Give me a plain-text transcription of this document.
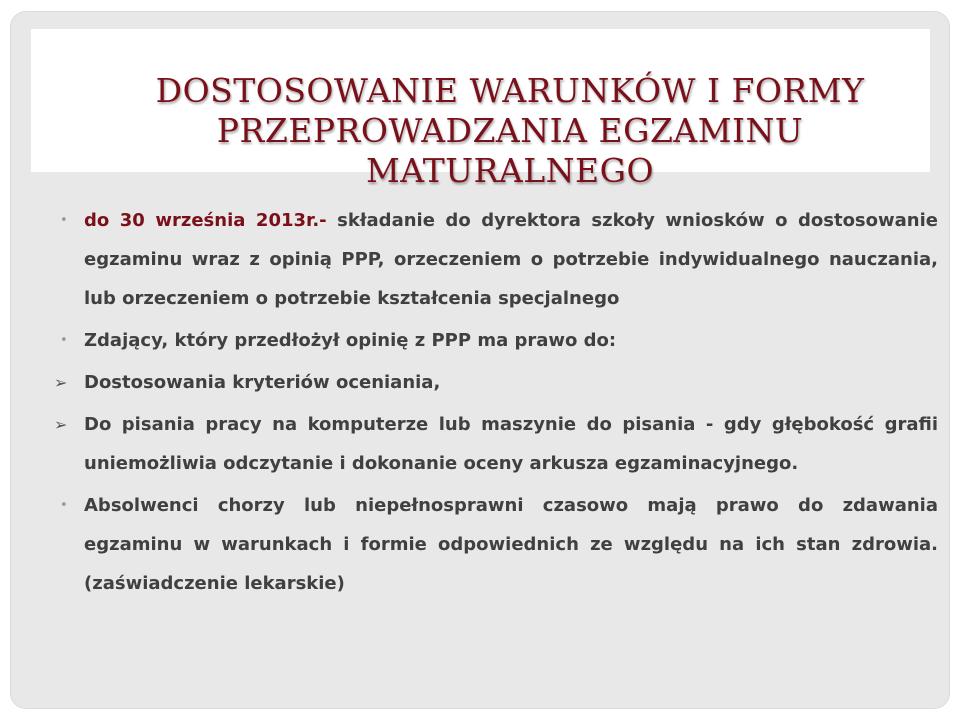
DOSTOSOWANIE WARUNKÓW I FORMY
PRZEPROWADZANIA EGZAMINU
MATURALNEGO
• do 30 września 2013r.- składanie do dyrektora szkoły wniosków o dostosowanie egzaminu wraz z opinią PPP, orzeczeniem o potrzebie indywidualnego nauczania, lub orzeczeniem o potrzebie kształcenia specjalnego
• Zdający, który przedłożył opinię z PPP ma prawo do:
➢ Dostosowania kryteriów oceniania,
➢ Do pisania pracy na komputerze lub maszynie do pisania - gdy głębokość grafii uniemożliwia odczytanie i dokonanie oceny arkusza egzaminacyjnego.
• Absolwenci chorzy lub niepełnosprawni czasowo mają prawo do zdawania egzaminu w warunkach i formie odpowiednich ze względu na ich stan zdrowia. (zaświadczenie lekarskie)
